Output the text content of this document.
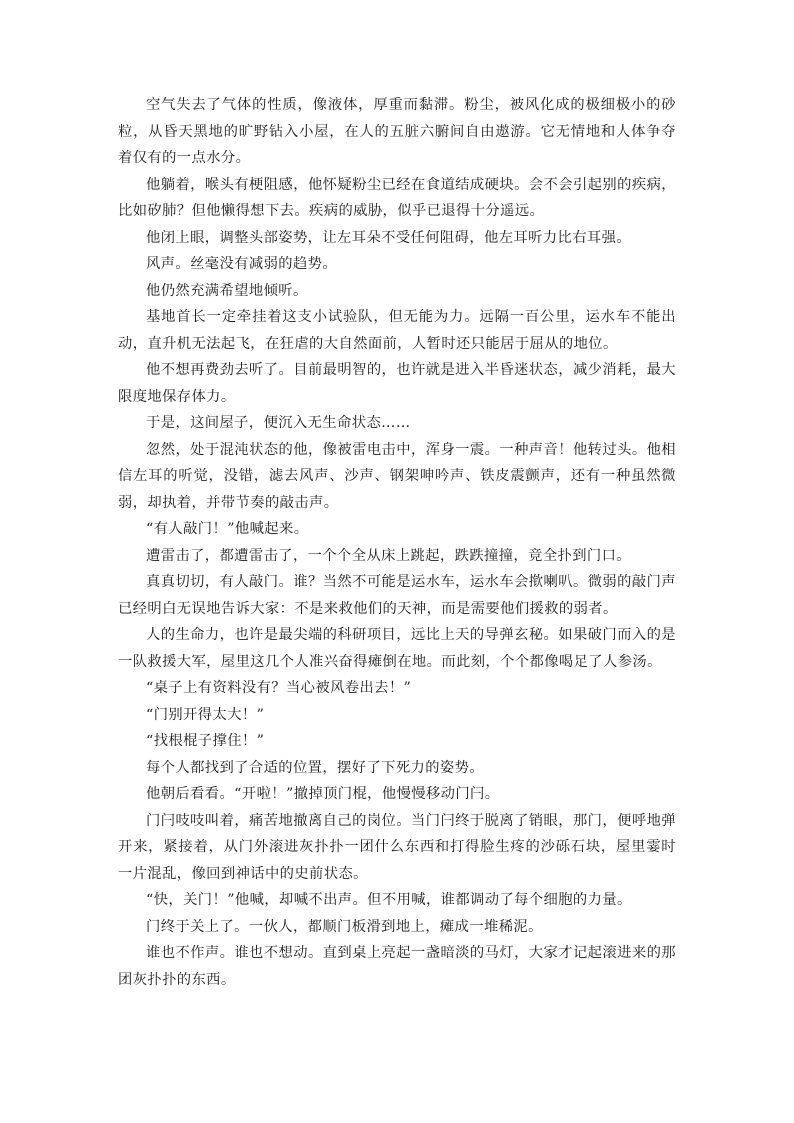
空气失去了气体的性质，像液体，厚重而黏滞。粉尘，被风化成的极细极小的砂粒，从昏天黑地的旷野钻入小屋，在人的五脏六腑间自由遨游。它无情地和人体争夺着仅有的一点水分。

他躺着，喉头有梗阻感，他怀疑粉尘已经在食道结成硬块。会不会引起别的疾病，比如矽肺？但他懒得想下去。疾病的威胁，似乎已退得十分遥远。

他闭上眼，调整头部姿势，让左耳朵不受任何阻碍，他左耳听力比右耳强。

风声。丝毫没有减弱的趋势。

他仍然充满希望地倾听。

基地首长一定牵挂着这支小试验队，但无能为力。远隔一百公里，运水车不能出动，直升机无法起飞，在狂虐的大自然面前，人暂时还只能居于屈从的地位。

他不想再费劲去听了。目前最明智的，也许就是进入半昏迷状态，减少消耗，最大限度地保存体力。

于是，这间屋子，便沉入无生命状态……

忽然，处于混沌状态的他，像被雷电击中，浑身一震。一种声音！他转过头。他相信左耳的听觉，没错，滤去风声、沙声、钢架呻吟声、铁皮震颤声，还有一种虽然微弱，却执着，并带节奏的敲击声。

“有人敲门！”他喊起来。

遭雷击了，都遭雷击了，一个个全从床上跳起，跌跌撞撞，竞全扑到门口。

真真切切，有人敲门。谁？当然不可能是运水车，运水车会揿喇叭。微弱的敲门声已经明白无误地告诉大家：不是来救他们的天神，而是需要他们援救的弱者。

人的生命力，也许是最尖端的科研项目，远比上天的导弹玄秘。如果破门而入的是一队救援大军，屋里这几个人准兴奋得瘫倒在地。而此刻，个个都像喝足了人参汤。

“桌子上有资料没有？当心被风卷出去！”

“门别开得太大！”

“找根棍子撑住！”

每个人都找到了合适的位置，摆好了下死力的姿势。

他朝后看看。“开啦！”撤掉顶门棍，他慢慢移动门闩。

门闩吱吱叫着，痛苦地撤离自己的岗位。当门闩终于脱离了销眼，那门，便呼地弹开来，紧接着，从门外滚进灰扑扑一团什么东西和打得脸生疼的沙砾石块，屋里霎时一片混乱，像回到神话中的史前状态。

“快，关门！”他喊，却喊不出声。但不用喊，谁都调动了每个细胞的力量。

门终于关上了。一伙人，都顺门板滑到地上，瘫成一堆稀泥。

谁也不作声。谁也不想动。直到桌上亮起一盏暗淡的马灯，大家才记起滚进来的那团灰扑扑的东西。
